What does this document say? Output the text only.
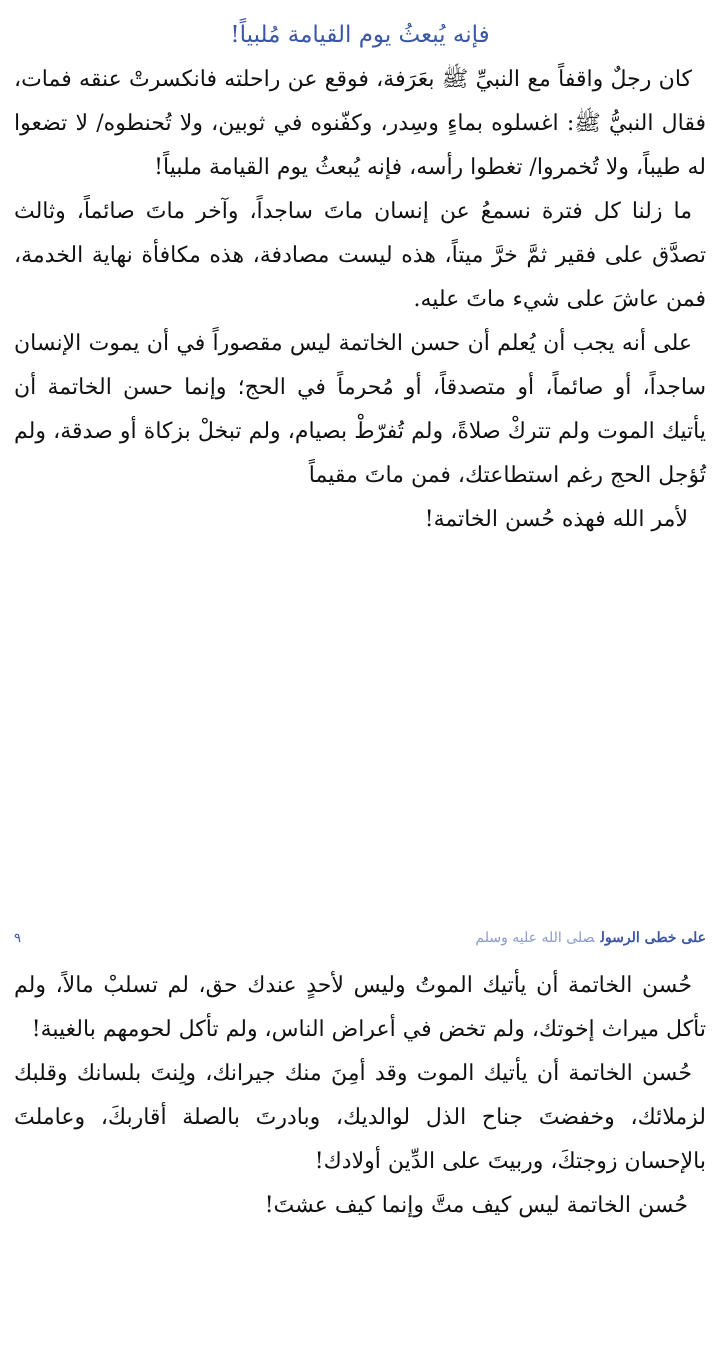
فإنه يُبعثُ يوم القيامة مُلبياً!

كان رجلٌ واقفاً مع النبيِّ ﷺ بعَرَفة، فوقع عن راحلته فانكسرتْ عنقه فمات، فقال النبيُّ ﷺ: اغسلوه بماءٍ وسِدر، وكفّنوه في ثوبين، ولا تُحنطوه/ لا تضعوا له طيباً، ولا تُخمروا/ تغطوا رأسه، فإنه يُبعثُ يوم القيامة ملبياً!

ما زلنا كل فترة نسمعُ عن إنسان ماتَ ساجداً، وآخر ماتَ صائماً، وثالث تصدَّق على فقير ثمَّ خرَّ ميتاً، هذه ليست مصادفة، هذه مكافأة نهاية الخدمة، فمن عاشَ على شيء ماتَ عليه.

على أنه يجب أن يُعلم أن حسن الخاتمة ليس مقصوراً في أن يموت الإنسان ساجداً، أو صائماً، أو متصدقاً، أو مُحرماً في الحج؛ وإنما حسن الخاتمة أن يأتيك الموت ولم تتركْ صلاةً، ولم تُفرّطْ بصيام، ولم تبخلْ بزكاة أو صدقة، ولم تُؤجل الحج رغم استطاعتك، فمن ماتَ مقيماً

لأمر الله فهذه حُسن الخاتمة!

على خطى الرسولصلى الله عليه وسلم
٩

حُسن الخاتمة أن يأتيك الموتُ وليس لأحدٍ عندك حق، لم تسلبْ مالاً، ولم تأكل ميراث إخوتك، ولم تخض في أعراض الناس، ولم تأكل لحومهم بالغيبة!

حُسن الخاتمة أن يأتيك الموت وقد أمِنَ منك جيرانك، ولِنتَ بلسانك وقلبك لزملائك، وخفضتَ جناح الذل لوالديك، وبادرتَ بالصلة أقاربكَ، وعاملتَ بالإحسان زوجتكَ، وربيتَ على الدِّين أولادك!

حُسن الخاتمة ليس كيف متَّ وإنما كيف عشتَ!
